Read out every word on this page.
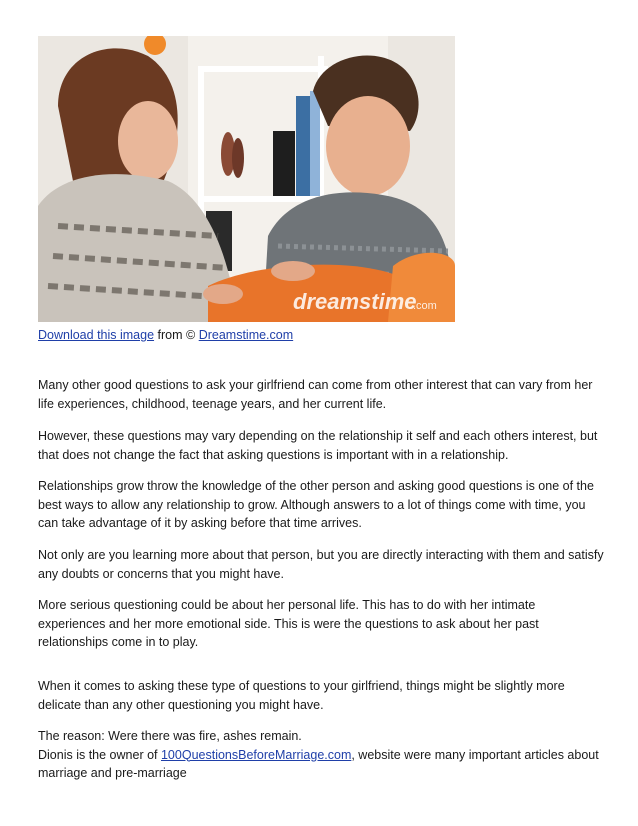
dreamstime
.com
Download this image from © Dreamstime.com

Many other good questions to ask your girlfriend can come from other interest that can vary from her life experiences, childhood, teenage years, and her current life.

However, these questions may vary depending on the relationship it self and each others interest, but that does not change the fact that asking questions is important with in a relationship.

Relationships grow throw the knowledge of the other person and asking good questions is one of the best ways to allow any relationship to grow. Although answers to a lot of things come with time, you can take advantage of it by asking before that time arrives.

Not only are you learning more about that person, but you are directly interacting with them and satisfy any doubts or concerns that you might have.

More serious questioning could be about her personal life. This has to do with her intimate experiences and her more emotional side. This is were the questions to ask about her past relationships come in to play.

When it comes to asking these type of questions to your girlfriend, things might be slightly more delicate than any other questioning you might have.

The reason: Were there was fire, ashes remain.
Dionis is the owner of 100QuestionsBeforeMarriage.com, website were many important articles about marriage and pre-marriage
